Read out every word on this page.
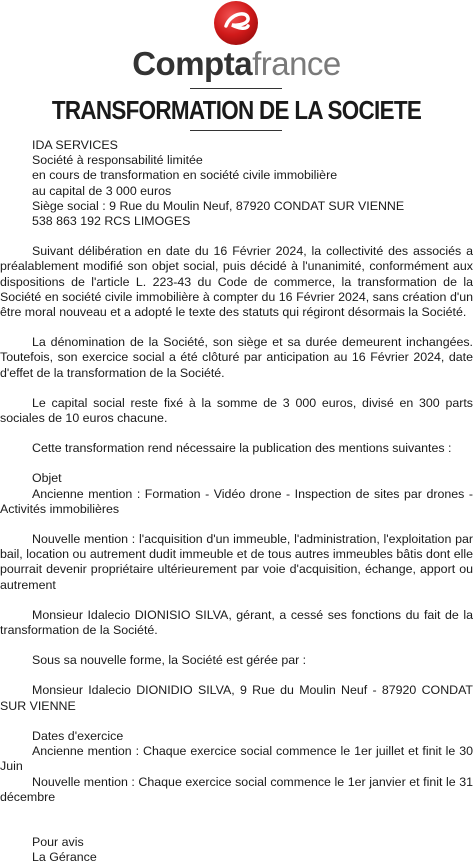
Comptafrance
TRANSFORMATION DE LA SOCIETE
IDA SERVICES
Société à responsabilité limitée
en cours de transformation en société civile immobilière
au capital de 3 000 euros
Siège social : 9 Rue du Moulin Neuf, 87920 CONDAT SUR VIENNE
538 863 192 RCS LIMOGES

Suivant délibération en date du 16 Février 2024, la collectivité des associés a préalablement modifié son objet social, puis décidé à l'unanimité, conformément aux dispositions de l'article L. 223-43 du Code de commerce, la transformation de la Société en société civile immobilière à compter du 16 Février 2024, sans création d'un être moral nouveau et a adopté le texte des statuts qui régiront désormais la Société.

La dénomination de la Société, son siège et sa durée demeurent inchangées. Toutefois, son exercice social a été clôturé par anticipation au 16 Février 2024, date d'effet de la transformation de la Société.

Le capital social reste fixé à la somme de 3 000 euros, divisé en 300 parts sociales de 10 euros chacune.

Cette transformation rend nécessaire la publication des mentions suivantes :

Objet

Ancienne mention : Formation - Vidéo drone - Inspection de sites par drones - Activités immobilières

Nouvelle mention : l'acquisition d'un immeuble, l'administration, l'exploitation par bail, location ou autrement dudit immeuble et de tous autres immeubles bâtis dont elle pourrait devenir propriétaire ultérieurement par voie d'acquisition, échange, apport ou autrement

Monsieur Idalecio DIONISIO SILVA, gérant, a cessé ses fonctions du fait de la transformation de la Société.

Sous sa nouvelle forme, la Société est gérée par :

Monsieur Idalecio DIONIDIO SILVA, 9 Rue du Moulin Neuf - 87920 CONDAT SUR VIENNE

Dates d'exercice

Ancienne mention : Chaque exercice social commence le 1er juillet et finit le 30 Juin

Nouvelle mention : Chaque exercice social commence le 1er janvier et finit le 31 décembre

Pour avis

La Gérance
